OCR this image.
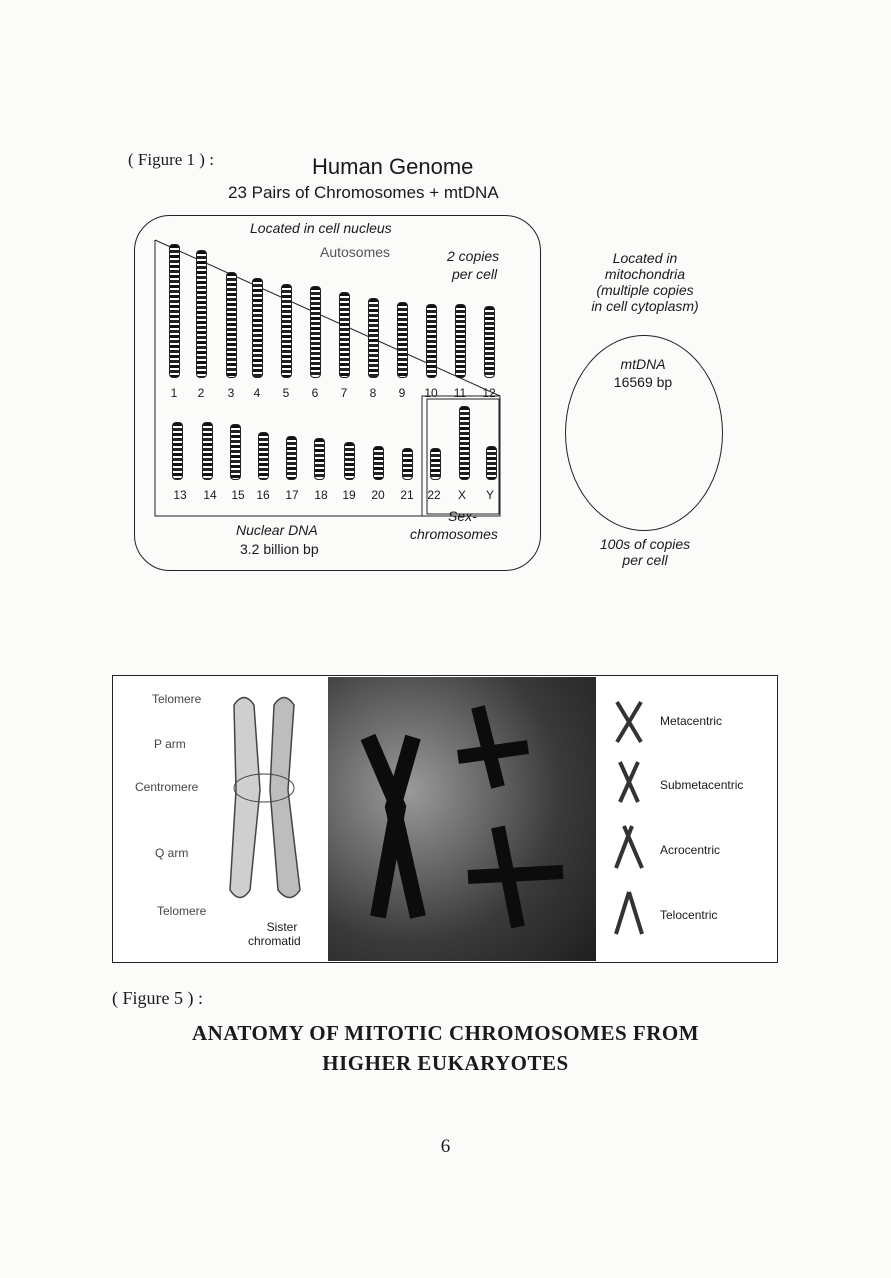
( Figure 1 ) :	Human Genome
23 Pairs of Chromosomes + mtDNA
Located in cell nucleus
Autosomes	2 copies
per cell
1 2 3 4 5 6 7 8 9 10 11 12
13 14 15 16 17 18 19 20 21 22 X Y
Sex-
chromosomes
Nuclear DNA
3.2 billion bp
Located in
mitochondria
(multiple copies
in cell cytoplasm)
mtDNA
16569 bp
100s of copies
per cell
Telomere
P arm
Centromere
Q arm
Telomere
Sister
chromatid
Metacentric
Submetacentric
Acrocentric
Telocentric
( Figure 5 ) :
ANATOMY OF MITOTIC CHROMOSOMES FROM
HIGHER EUKARYOTES
6
